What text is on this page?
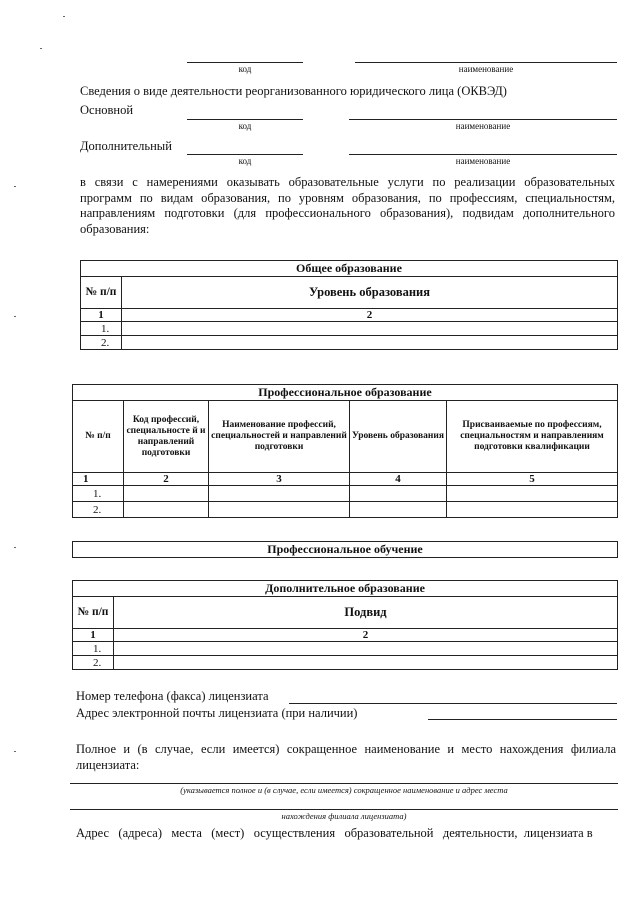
код	наименование
Сведения о виде деятельности реорганизованного юридического лица (ОКВЭД)
Основной
код	наименование
Дополнительный
код	наименование
в связи с намерениями оказывать образовательные услуги по реализации образовательных программ по видам образования, по уровням образования, по профессиям, специальностям, направлениям подготовки (для профессионального образования), подвидам дополнительного образования:
Общее образование	
№ п/п	Уровень образования
1	2
1.	
2.	
Профессиональное образование				
№ п/п	Код профессий, специальносте й и направлений подготовки	Наименование профессий, специальностей и направлений подготовки	Уровень образования	Присваиваемые по профессиям, специальностям и направлениям подготовки квалификации
1	2	3	4	5
1.				
2.				
Профессиональное обучение
Дополнительное образование	
№ п/п	Подвид
1	2
1.	
2.	
Номер телефона (факса) лицензиата
Адрес электронной почты лицензиата (при наличии)
Полное и (в случае, если имеется) сокращенное наименование и место нахождения филиала лицензиата:
(указывается полное и (в случае, если имеется) сокращенное наименование и адрес места
нахождения филиала лицензиата)
Адрес   (адреса)   места   (мест)   осуществления   образовательной   деятельности,  лицензиата в
